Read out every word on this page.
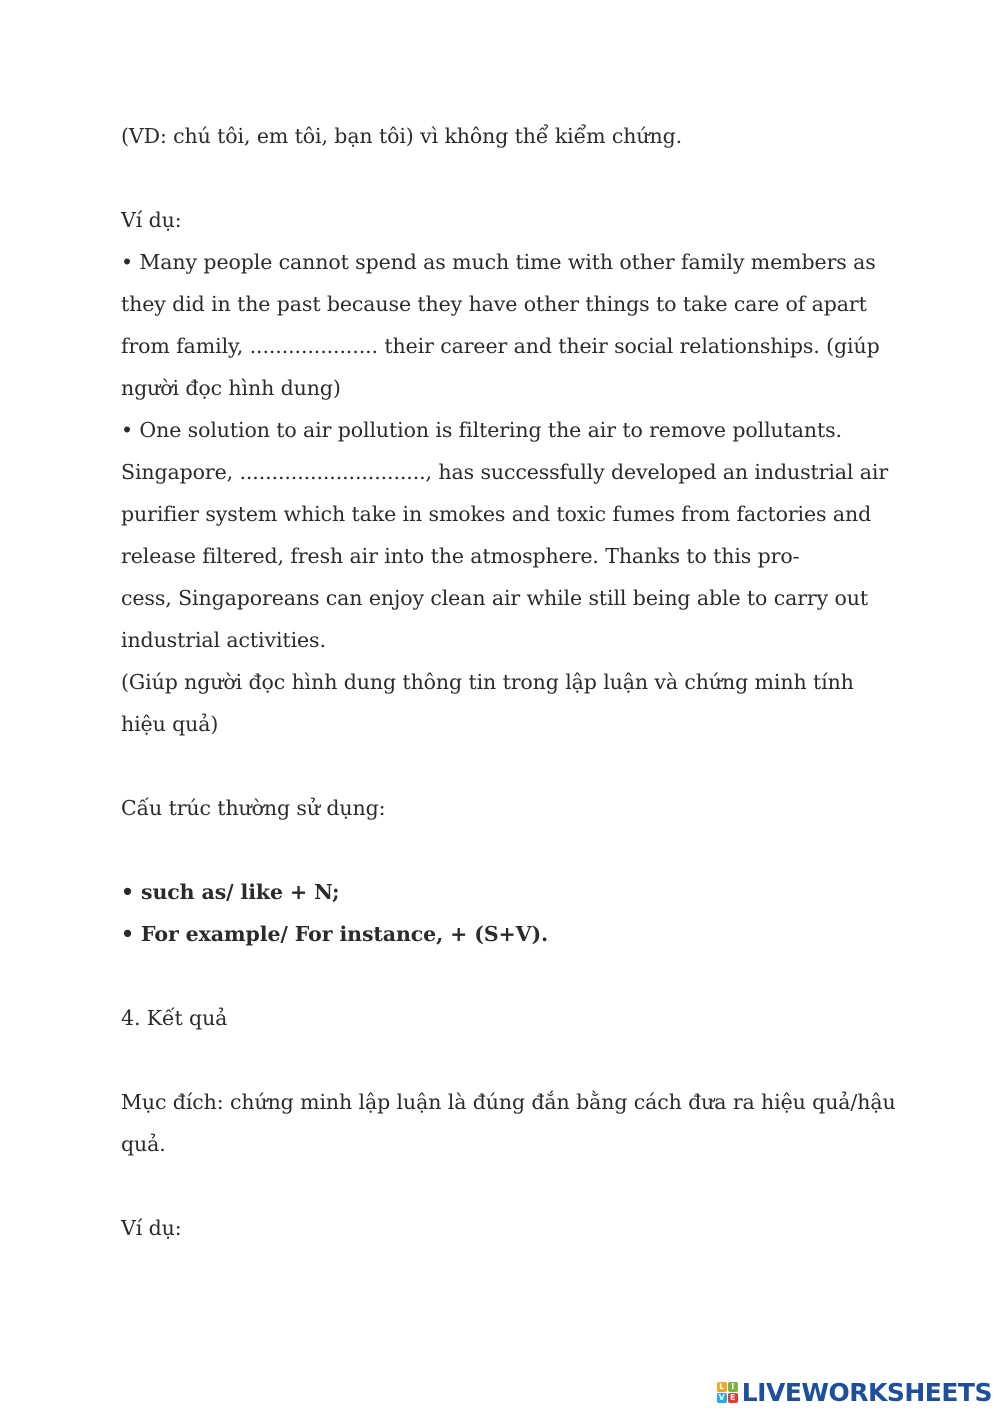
(VD: chú tôi, em tôi, bạn tôi) vì không thể kiểm chứng.
Ví dụ:
• Many people cannot spend as much time with other family members as
they did in the past because they have other things to take care of apart
from family, .................... their career and their social relationships. (giúp
người đọc hình dung)
• One solution to air pollution is filtering the air to remove pollutants.
Singapore, ............................., has successfully developed an industrial air
purifier system which take in smokes and toxic fumes from factories and
release filtered, fresh air into the atmosphere. Thanks to this pro-
cess, Singaporeans can enjoy clean air while still being able to carry out
industrial activities.
(Giúp người đọc hình dung thông tin trong lập luận và chứng minh tính
hiệu quả)
Cấu trúc thường sử dụng:
• such as/ like + N;
• For example/ For instance, + (S+V).
4. Kết quả
Mục đích: chứng minh lập luận là đúng đắn bằng cách đưa ra hiệu quả/hậu
quả.
Ví dụ:
L I
V E LIVEWORKSHEETS
